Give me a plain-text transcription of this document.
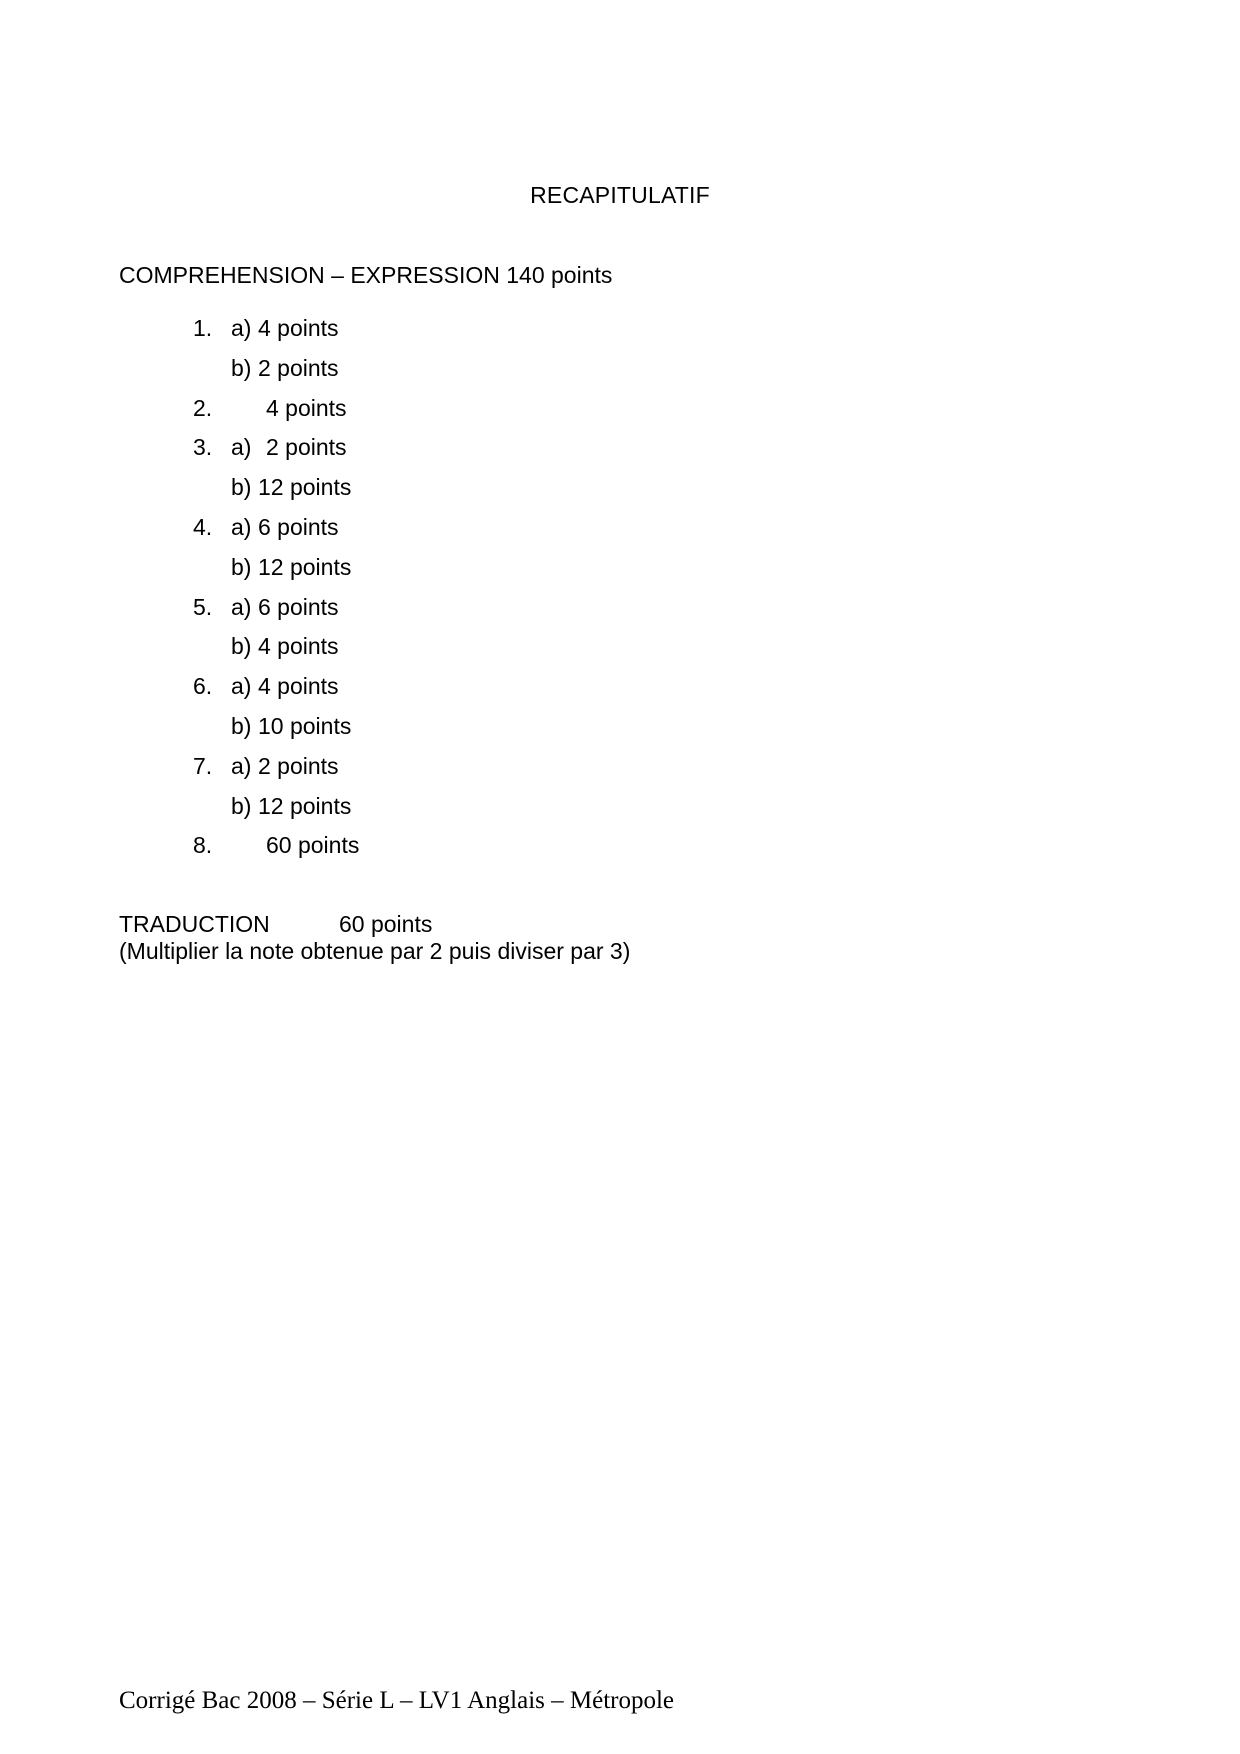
RECAPITULATIF
COMPREHENSION – EXPRESSION 140 points
1. a) 4 points
b) 2 points
2. 4 points
3. a) 2 points
b) 12 points
4. a) 6 points
b) 12 points
5. a) 6 points
b) 4 points
6. a) 4 points
b) 10 points
7. a) 2 points
b) 12 points
8. 60 points
TRADUCTION	60 points
(Multiplier la note obtenue par 2 puis diviser par 3)
Corrigé Bac 2008 – Série L – LV1 Anglais – Métropole
